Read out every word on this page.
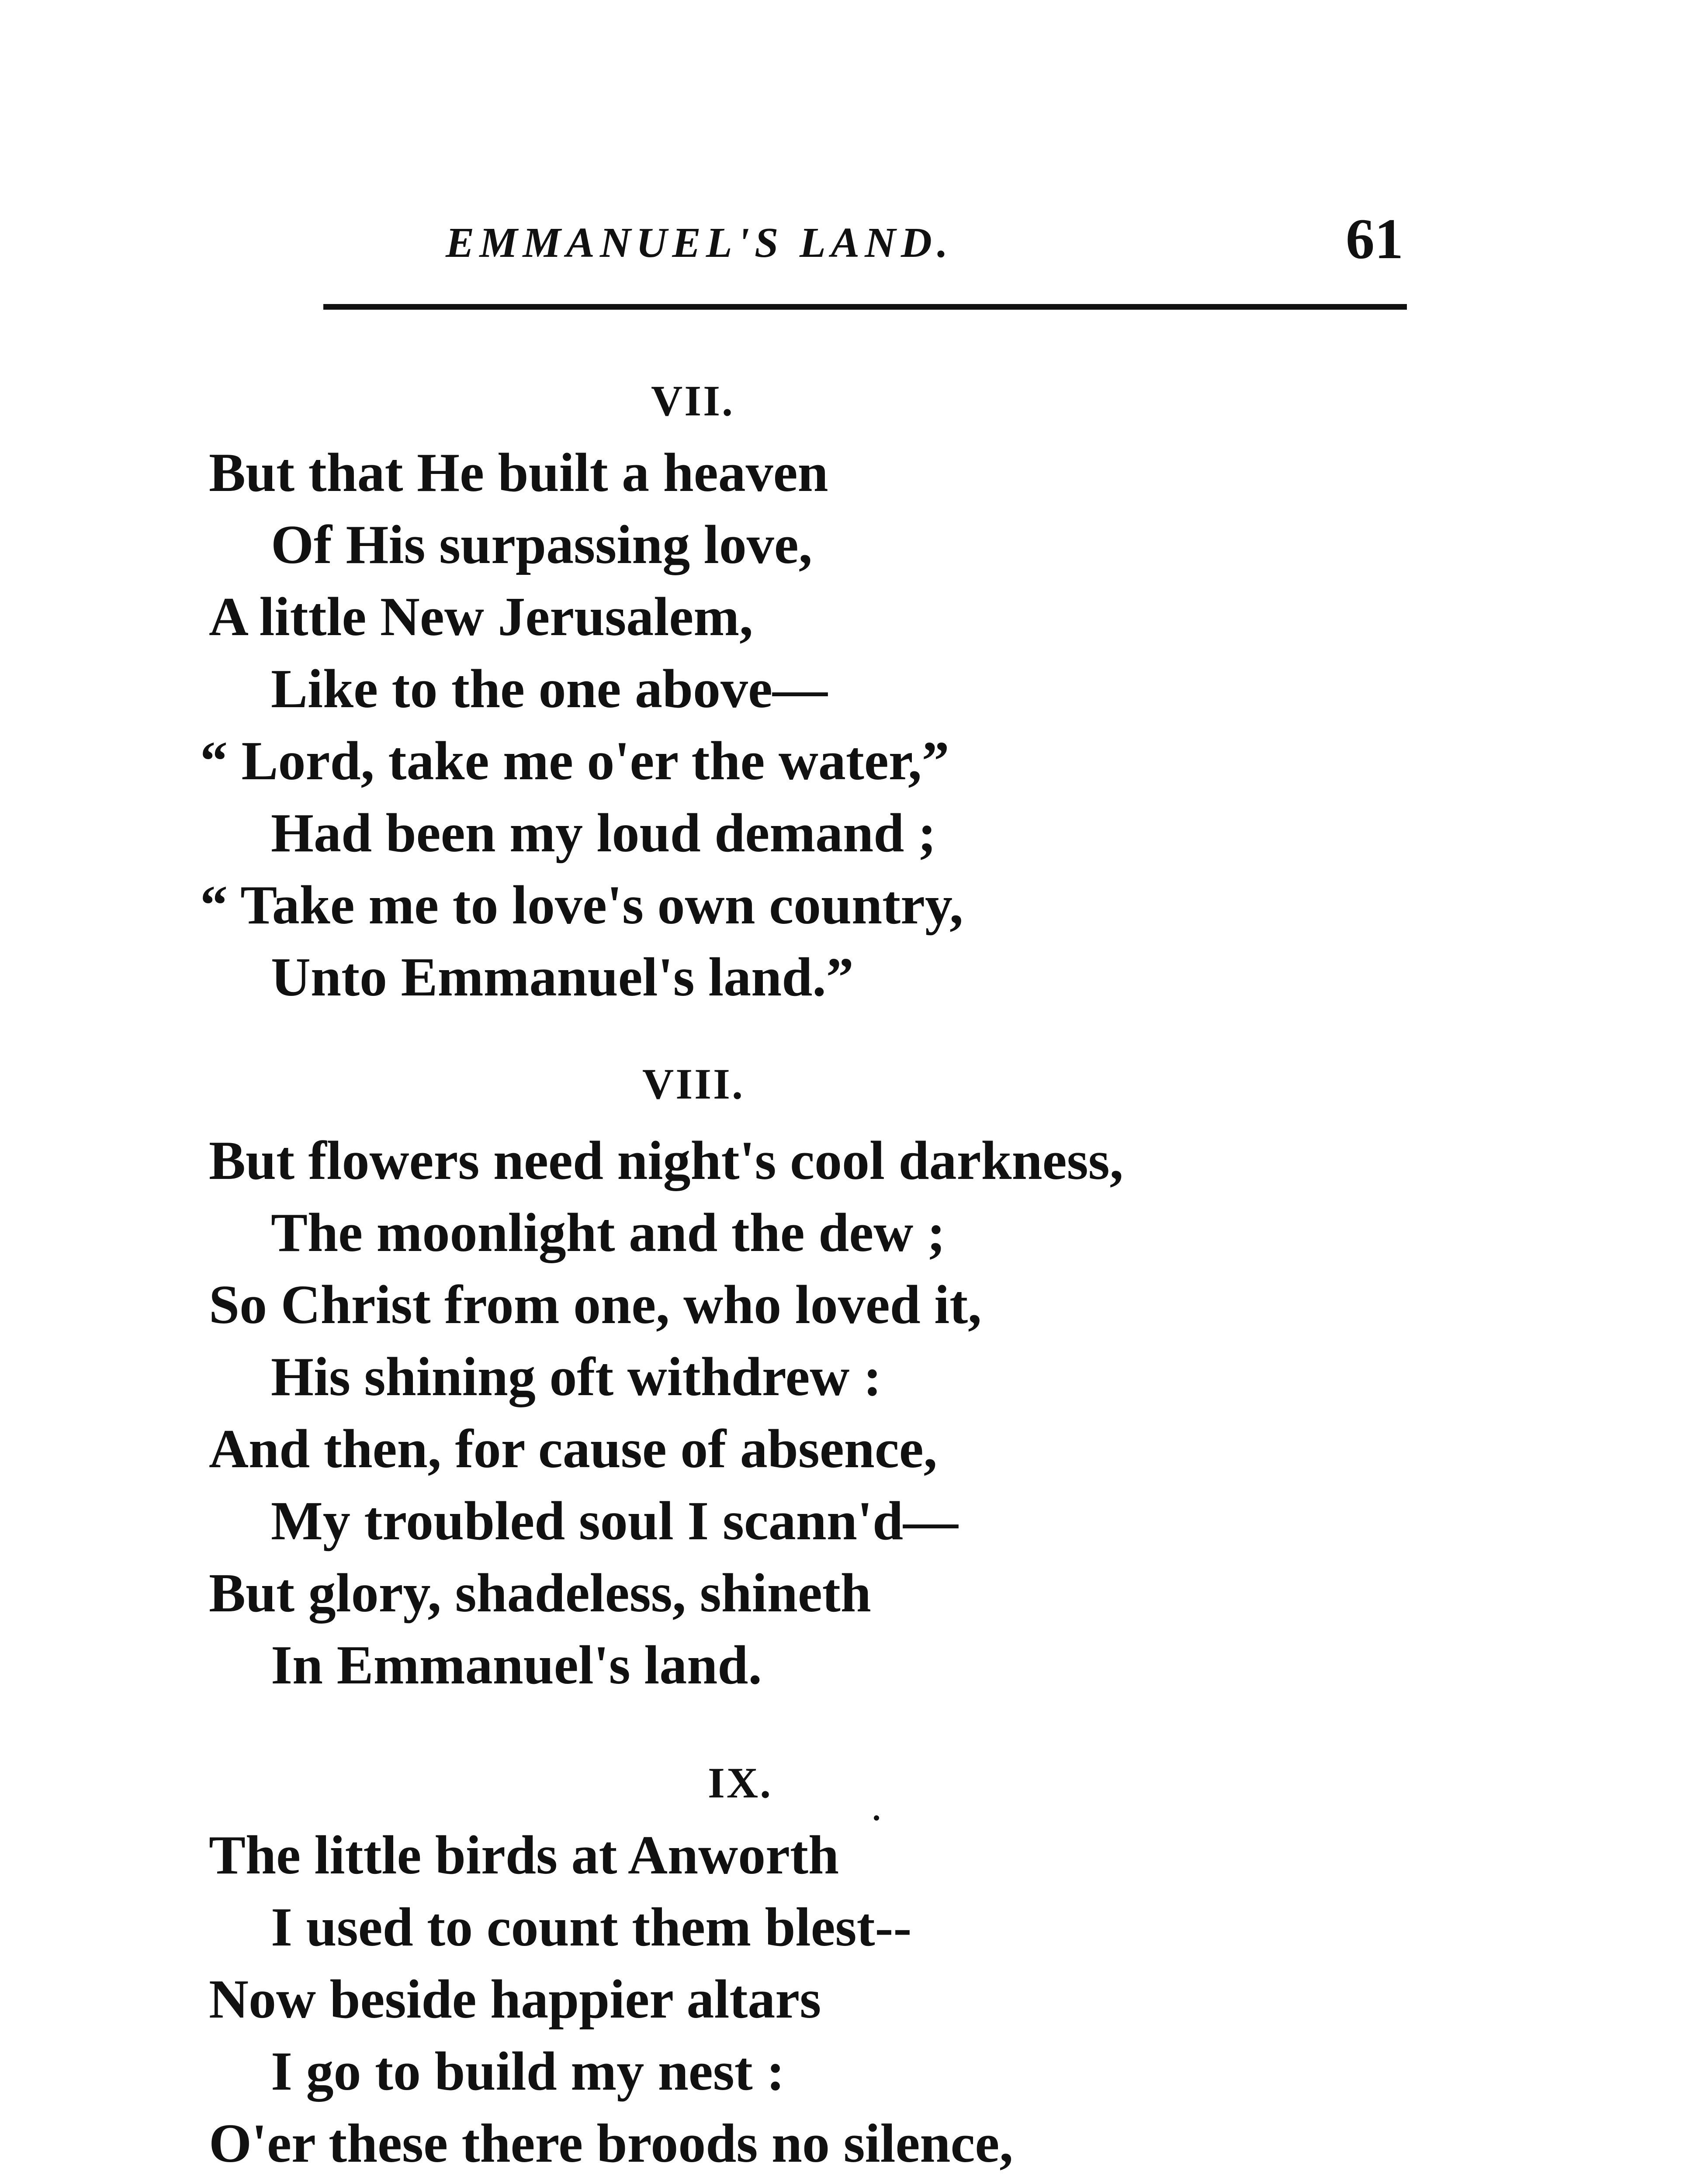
EMMANUEL'S LAND.	61
VII.
But that He built a heaven
Of His surpassing love,
A little New Jerusalem,
Like to the one above—
“ Lord, take me o'er the water,”
Had been my loud demand ;
“ Take me to love's own country,
Unto Emmanuel's land.”
VIII.
But flowers need night's cool darkness,
The moonlight and the dew ;
So Christ from one, who loved it,
His shining oft withdrew :
And then, for cause of absence,
My troubled soul I scann'd—
But glory, shadeless, shineth
In Emmanuel's land.
IX.
The little birds at Anworth
I used to count them blest--
Now beside happier altars
I go to build my nest :
O'er these there broods no silence,
